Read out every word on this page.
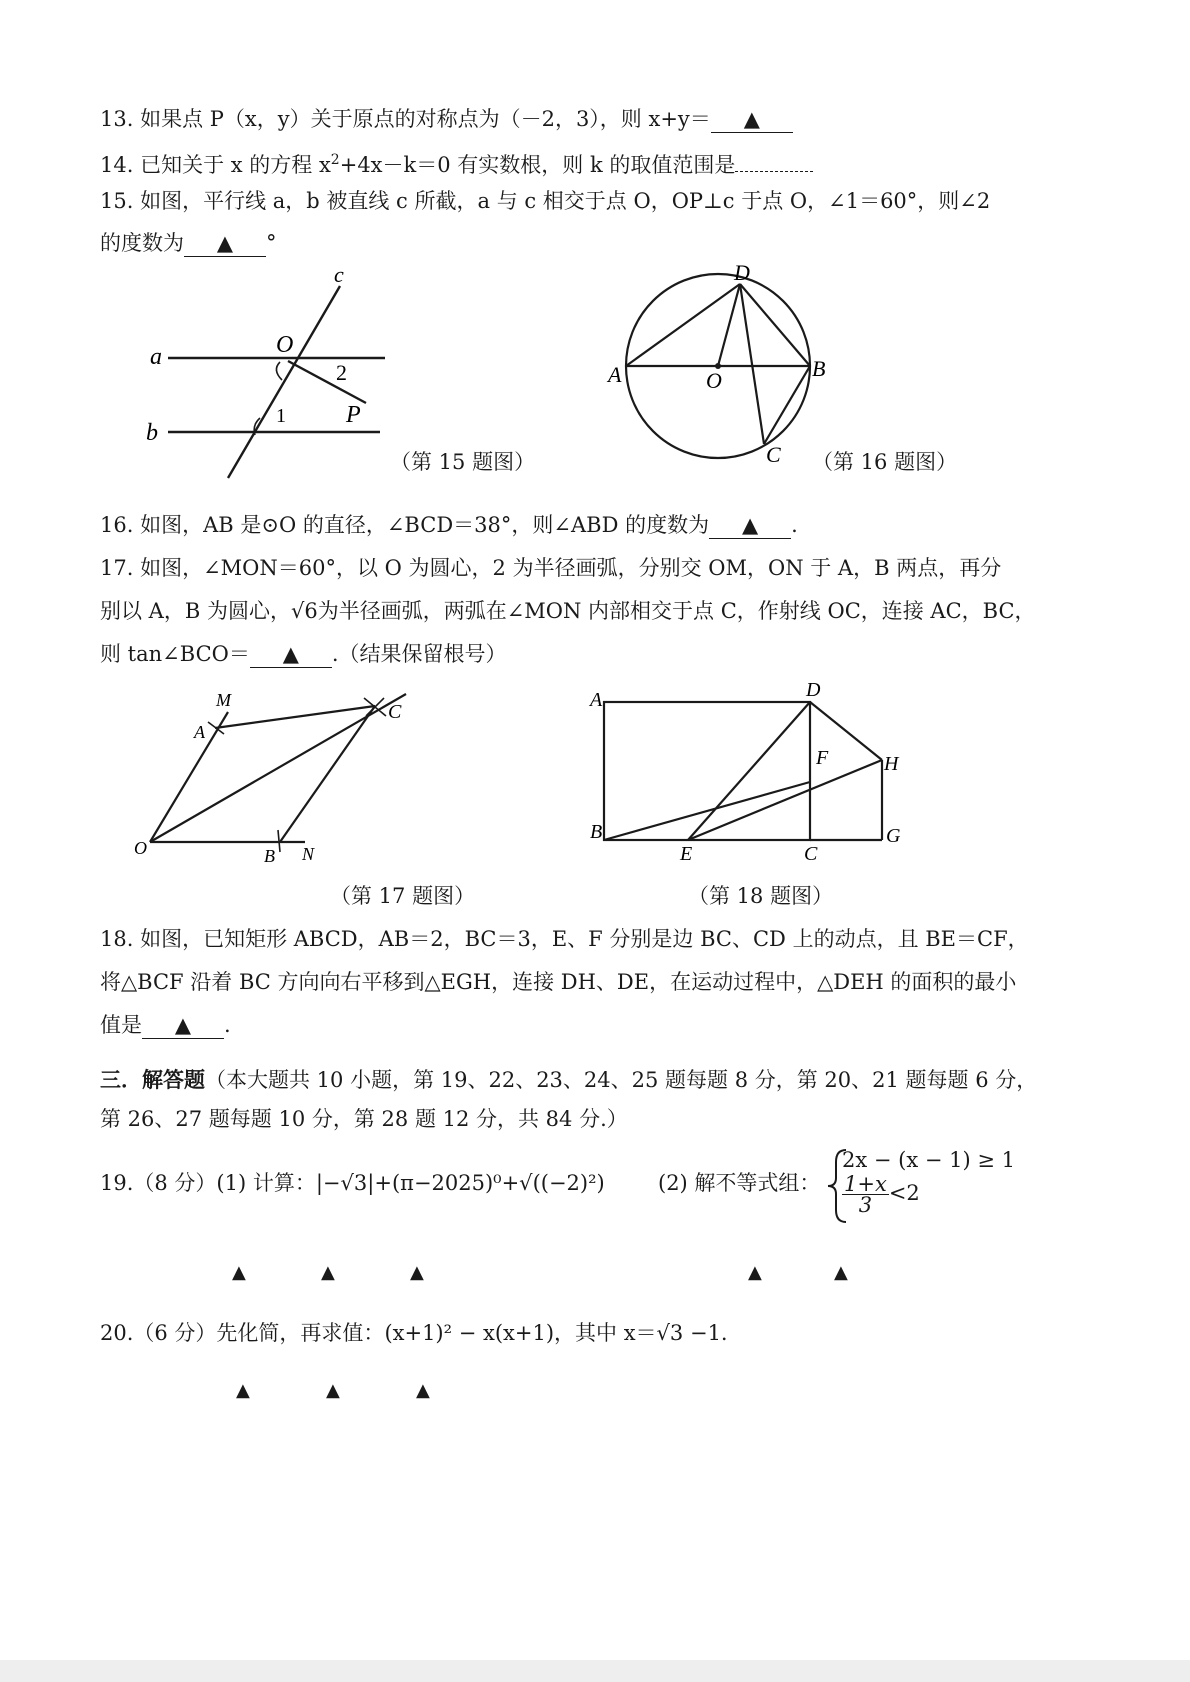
13. 如果点 P（x，y）关于原点的对称点为（－2，3），则 x+y＝ ▲
14. 已知关于 x 的方程 $x^2+4x-k=0$ 有实数根，则 k 的取值范围是
15. 如图，平行线 a，b 被直线 c 所截，a 与 c 相交于点 O，OP⊥c 于点 O，∠1＝60°，则∠2
的度数为 ▲ °
c
a	O
2
P
b
1
（第 15 题图）
D
A	O	B
C （第 16 题图）
16. 如图，AB 是⊙O 的直径，∠BCD＝38°，则∠ABD 的度数为 ▲ .
17. 如图，∠MON＝60°，以 O 为圆心，2 为半径画弧，分别交 OM，ON 于 A，B 两点，再分
别以 A，B 为圆心，√6为半径画弧，两弧在∠MON 内部相交于点 C，作射线 OC，连接 AC，BC，
则 tan∠BCO＝ ▲ .（结果保留根号）
M
A
C
O	B N
（第 17 题图）
A	D
F	H
B
E	C
G
（第 18 题图）
18. 如图，已知矩形 ABCD，AB＝2，BC＝3，E、F 分别是边 BC、CD 上的动点，且 BE＝CF，
将△BCF 沿着 BC 方向向右平移到△EGH，连接 DH、DE，在运动过程中，△DEH 的面积的最小
值是 ▲ .
三．解答题（本大题共 10 小题，第 19、22、23、24、25 题每题 8 分，第 20、21 题每题 6 分，
第 26、27 题每题 10 分，第 28 题 12 分，共 84 分.）
19.（8 分）(1) 计算：|−√3|+(π−2025)⁰+√((−2)²)	(2) 解不等式组：
2x − (x − 1) ≥ 1
$\frac{1+x}{3} <2$
▲	▲	▲	▲	▲
20.（6 分）先化简，再求值：(x+1)² − x(x+1)，其中 x＝√3 −1.
▲	▲	▲
